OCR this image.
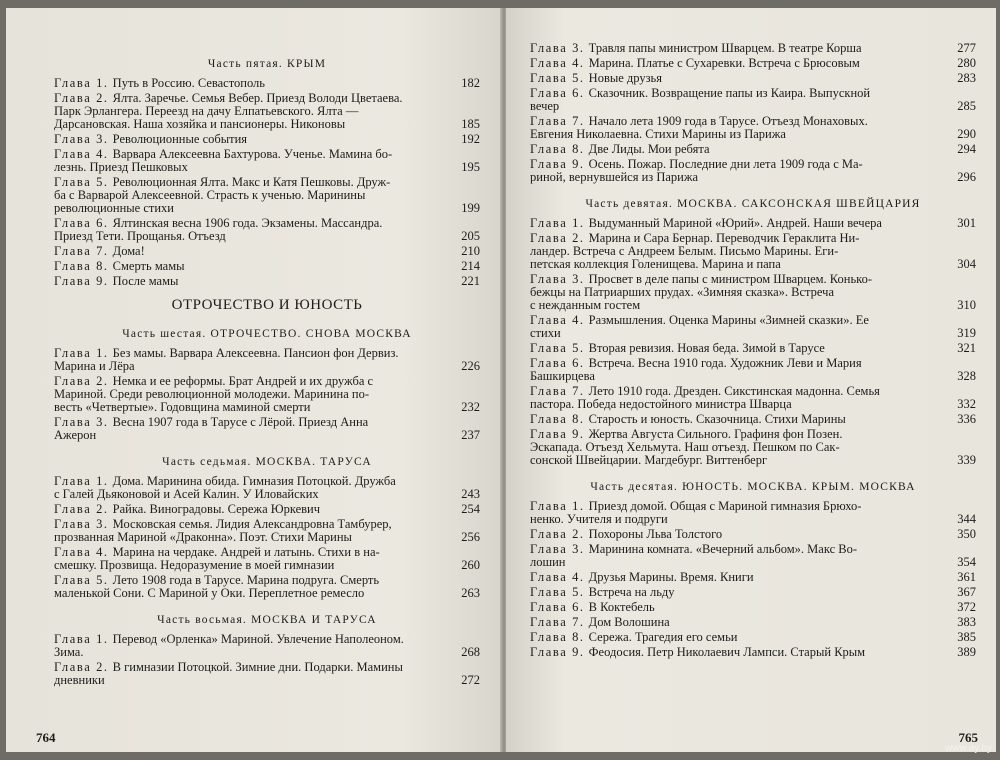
Часть пятая. КРЫМ
Глава 1. Путь в Россию. Севастополь	182
Глава 2. Ялта. Заречье. Семья Вебер. Приезд Володи Цветаева.
Парк Эрлангера. Переезд на дачу Елпатьевского. Ялта —
Дарсановская. Наша хозяйка и пансионеры. Никоновы	185
Глава 3. Революционные события	192
Глава 4. Варвара Алексеевна Бахтурова. Ученье. Мамина бо-
лезнь. Приезд Пешковых	195
Глава 5. Революционная Ялта. Макс и Катя Пешковы. Друж-
ба с Варварой Алексеевной. Страсть к ученью. Маринины
революционные стихи	199
Глава 6. Ялтинская весна 1906 года. Экзамены. Массандра.
Приезд Тети. Прощанья. Отъезд	205
Глава 7. Дома!	210
Глава 8. Смерть мамы	214
Глава 9. После мамы	221
ОТРОЧЕСТВО И ЮНОСТЬ
Часть шестая. ОТРОЧЕСТВО. СНОВА МОСКВА
Глава 1. Без мамы. Варвара Алексеевна. Пансион фон Дервиз.
Марина и Лёра	226
Глава 2. Немка и ее реформы. Брат Андрей и их дружба с
Мариной. Среди революционной молодежи. Маринина по-
весть «Четвертые». Годовщина маминой смерти	232
Глава 3. Весна 1907 года в Тарусе с Лёрой. Приезд Анна
Ажерон	237
Часть седьмая. МОСКВА. ТАРУСА
Глава 1. Дома. Маринина обида. Гимназия Потоцкой. Дружба
с Галей Дьяконовой и Асей Калин. У Иловайских	243
Глава 2. Райка. Виноградовы. Сережа Юркевич	254
Глава 3. Московская семья. Лидия Александровна Тамбурер,
прозванная Мариной «Драконна». Поэт. Стихи Марины	256
Глава 4. Марина на чердаке. Андрей и латынь. Стихи в на-
смешку. Прозвища. Недоразумение в моей гимназии	260
Глава 5. Лето 1908 года в Тарусе. Марина подруга. Смерть
маленькой Сони. С Мариной у Оки. Переплетное ремесло	263
Часть восьмая. МОСКВА И ТАРУСА
Глава 1. Перевод «Орленка» Мариной. Увлечение Наполеоном.
Зима.	268
Глава 2. В гимназии Потоцкой. Зимние дни. Подарки. Мамины
дневники	272
Глава 3. Травля папы министром Шварцем. В театре Корша	277
Глава 4. Марина. Платье с Сухаревки. Встреча с Брюсовым	280
Глава 5. Новые друзья	283
Глава 6. Сказочник. Возвращение папы из Каира. Выпускной
вечер	285
Глава 7. Начало лета 1909 года в Тарусе. Отъезд Монаховых.
Евгения Николаевна. Стихи Марины из Парижа	290
Глава 8. Две Лиды. Мои ребята	294
Глава 9. Осень. Пожар. Последние дни лета 1909 года с Ма-
риной, вернувшейся из Парижа	296
Часть девятая. МОСКВА. САКСОНСКАЯ ШВЕЙЦАРИЯ
Глава 1. Выдуманный Мариной «Юрий». Андрей. Наши вечера	301
Глава 2. Марина и Сара Бернар. Переводчик Гераклита Ни-
ландер. Встреча с Андреем Белым. Письмо Марины. Еги-
петская коллекция Голенищева. Марина и папа	304
Глава 3. Просвет в деле папы с министром Шварцем. Конько-
бежцы на Патриарших прудах. «Зимняя сказка». Встреча
с нежданным гостем	310
Глава 4. Размышления. Оценка Марины «Зимней сказки». Ее
стихи	319
Глава 5. Вторая ревизия. Новая беда. Зимой в Тарусе	321
Глава 6. Встреча. Весна 1910 года. Художник Леви и Мария
Башкирцева	328
Глава 7. Лето 1910 года. Дрезден. Сикстинская мадонна. Семья
пастора. Победа недостойного министра Шварца	332
Глава 8. Старость и юность. Сказочница. Стихи Марины	336
Глава 9. Жертва Августа Сильного. Графиня фон Позен.
Эскапада. Отъезд Хельмута. Наш отъезд. Пешком по Сак-
сонской Швейцарии. Магдебург. Виттенберг	339
Часть десятая. ЮНОСТЬ. МОСКВА. КРЫМ. МОСКВА
Глава 1. Приезд домой. Общая с Мариной гимназия Брюхо-
ненко. Учителя и подруги	344
Глава 2. Похороны Льва Толстого	350
Глава 3. Маринина комната. «Вечерний альбом». Макс Во-
лошин	354
Глава 4. Друзья Марины. Время. Книги	361
Глава 5. Встреча на льду	367
Глава 6. В Коктебель	372
Глава 7. Дом Волошина	383
Глава 8. Сережа. Трагедия его семьи	385
Глава 9. Феодосия. Петр Николаевич Лампси. Старый Крым	389
764	765
www.ay.by
